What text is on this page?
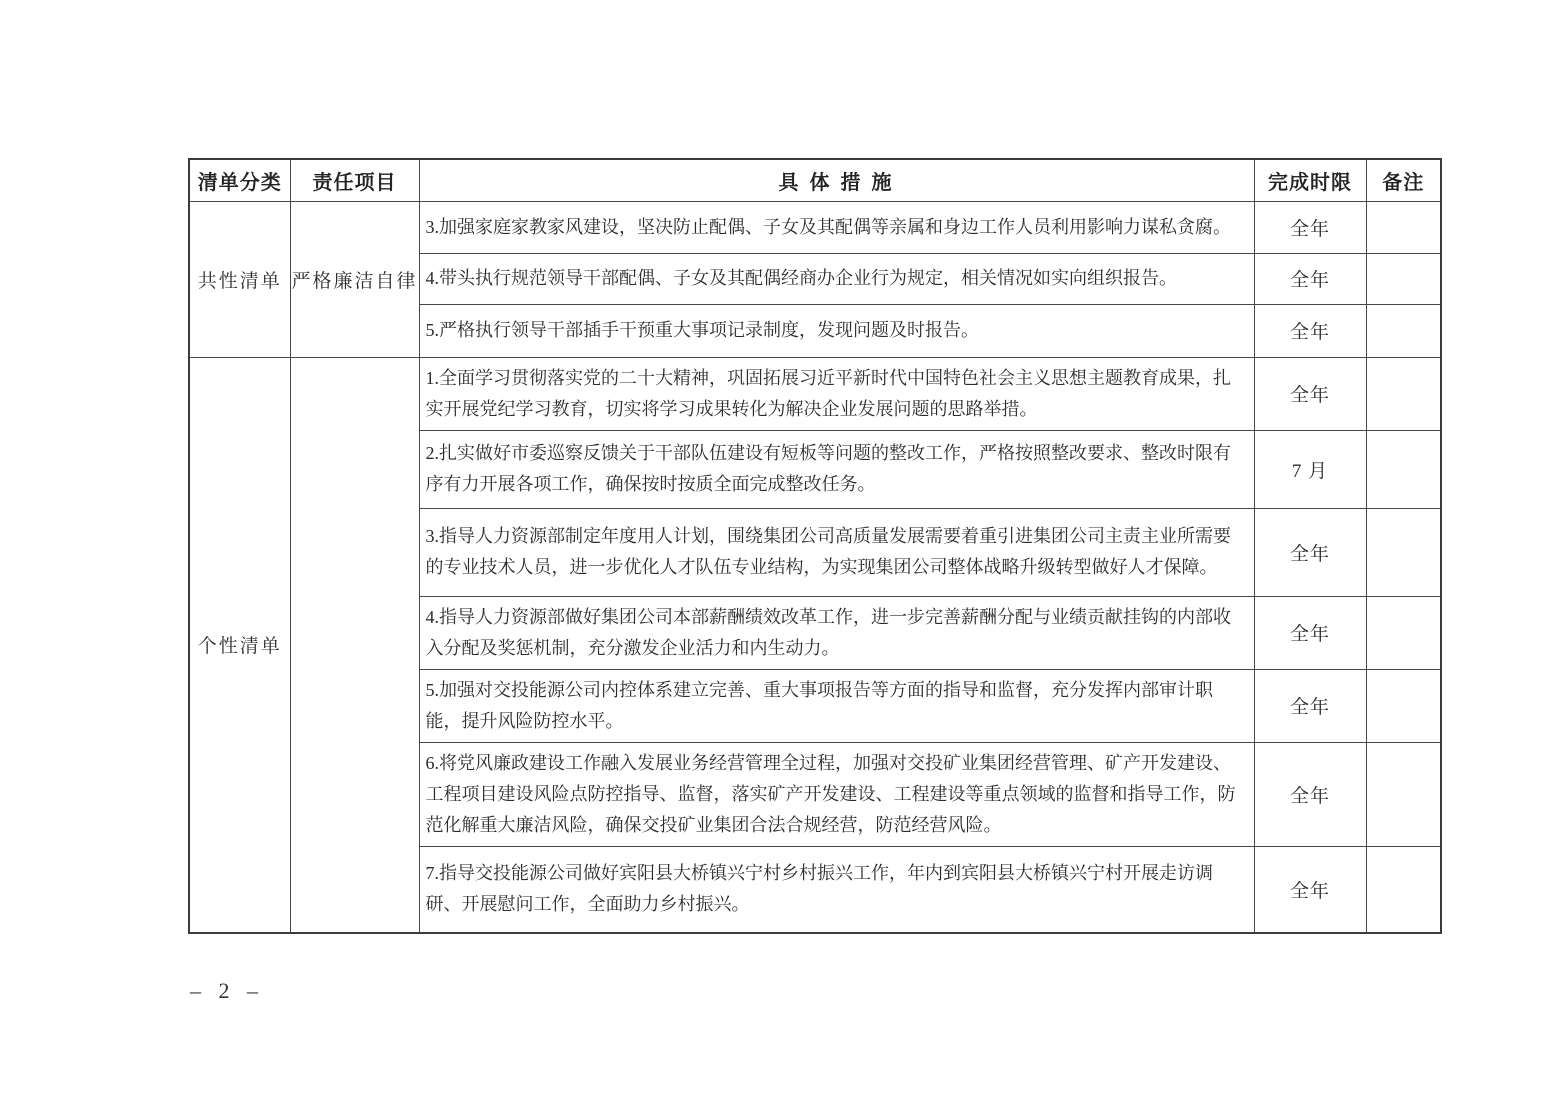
清单分类	责任项目	具 体 措 施	完成时限	备注
共性清单	严格廉洁自律	3.加强家庭家教家风建设，坚决防止配偶、子女及其配偶等亲属和身边工作人员利用影响力谋私贪腐。	全年	
		4.带头执行规范领导干部配偶、子女及其配偶经商办企业行为规定，相关情况如实向组织报告。	全年	
		5.严格执行领导干部插手干预重大事项记录制度，发现问题及时报告。	全年	
个性清单		1.全面学习贯彻落实党的二十大精神，巩固拓展习近平新时代中国特色社会主义思想主题教育成果，扎实开展党纪学习教育，切实将学习成果转化为解决企业发展问题的思路举措。	全年	
		2.扎实做好市委巡察反馈关于干部队伍建设有短板等问题的整改工作，严格按照整改要求、整改时限有序有力开展各项工作，确保按时按质全面完成整改任务。	7 月	
		3.指导人力资源部制定年度用人计划，围绕集团公司高质量发展需要着重引进集团公司主责主业所需要的专业技术人员，进一步优化人才队伍专业结构，为实现集团公司整体战略升级转型做好人才保障。	全年	
		4.指导人力资源部做好集团公司本部薪酬绩效改革工作，进一步完善薪酬分配与业绩贡献挂钩的内部收入分配及奖惩机制，充分激发企业活力和内生动力。	全年	
		5.加强对交投能源公司内控体系建立完善、重大事项报告等方面的指导和监督，充分发挥内部审计职能，提升风险防控水平。	全年	
		6.将党风廉政建设工作融入发展业务经营管理全过程，加强对交投矿业集团经营管理、矿产开发建设、工程项目建设风险点防控指导、监督，落实矿产开发建设、工程建设等重点领域的监督和指导工作，防范化解重大廉洁风险，确保交投矿业集团合法合规经营，防范经营风险。	全年	
		7.指导交投能源公司做好宾阳县大桥镇兴宁村乡村振兴工作，年内到宾阳县大桥镇兴宁村开展走访调研、开展慰问工作，全面助力乡村振兴。	全年	
– 2 –
